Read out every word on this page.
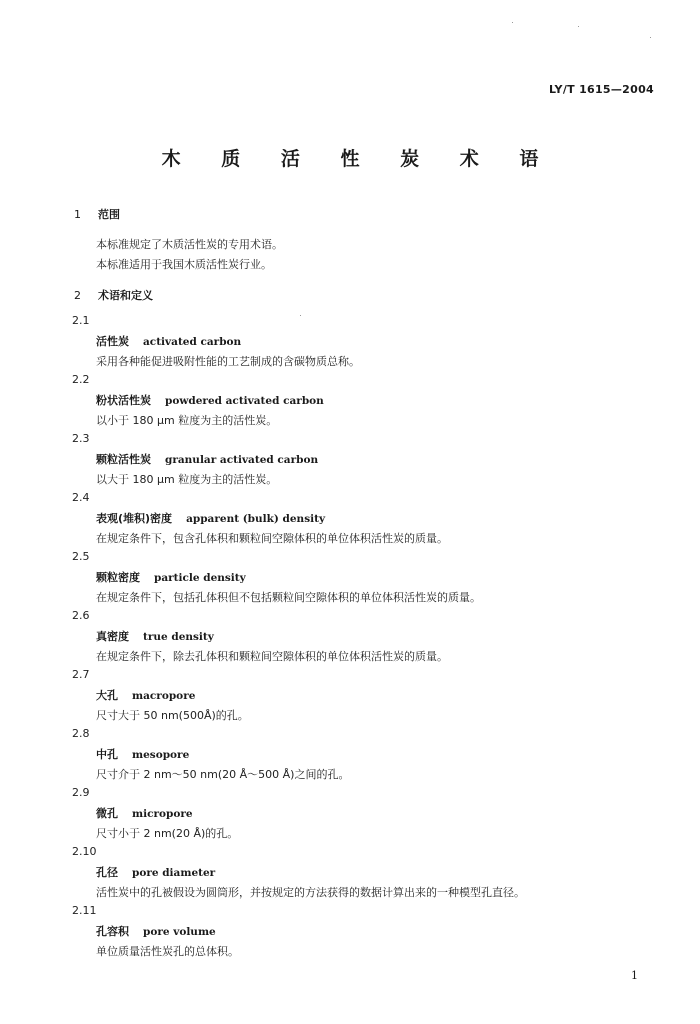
LY/T 1615—2004
木 质 活 性 炭 术 语
1 范围
本标准规定了木质活性炭的专用术语。
本标准适用于我国木质活性炭行业。
2 术语和定义
2.1
活性炭 activated carbon
采用各种能促进吸附性能的工艺制成的含碳物质总称。
2.2
粉状活性炭 powdered activated carbon
以小于 180 μm 粒度为主的活性炭。
2.3
颗粒活性炭 granular activated carbon
以大于 180 μm 粒度为主的活性炭。
2.4
表观(堆积)密度 apparent (bulk) density
在规定条件下，包含孔体积和颗粒间空隙体积的单位体积活性炭的质量。
2.5
颗粒密度 particle density
在规定条件下，包括孔体积但不包括颗粒间空隙体积的单位体积活性炭的质量。
2.6
真密度 true density
在规定条件下，除去孔体积和颗粒间空隙体积的单位体积活性炭的质量。
2.7
大孔 macropore
尺寸大于 50 nm(500Å)的孔。
2.8
中孔 mesopore
尺寸介于 2 nm～50 nm(20 Å～500 Å)之间的孔。
2.9
微孔 micropore
尺寸小于 2 nm(20 Å)的孔。
2.10
孔径 pore diameter
活性炭中的孔被假设为圆筒形，并按规定的方法获得的数据计算出来的一种模型孔直径。
2.11
孔容积 pore volume
单位质量活性炭孔的总体积。
1
